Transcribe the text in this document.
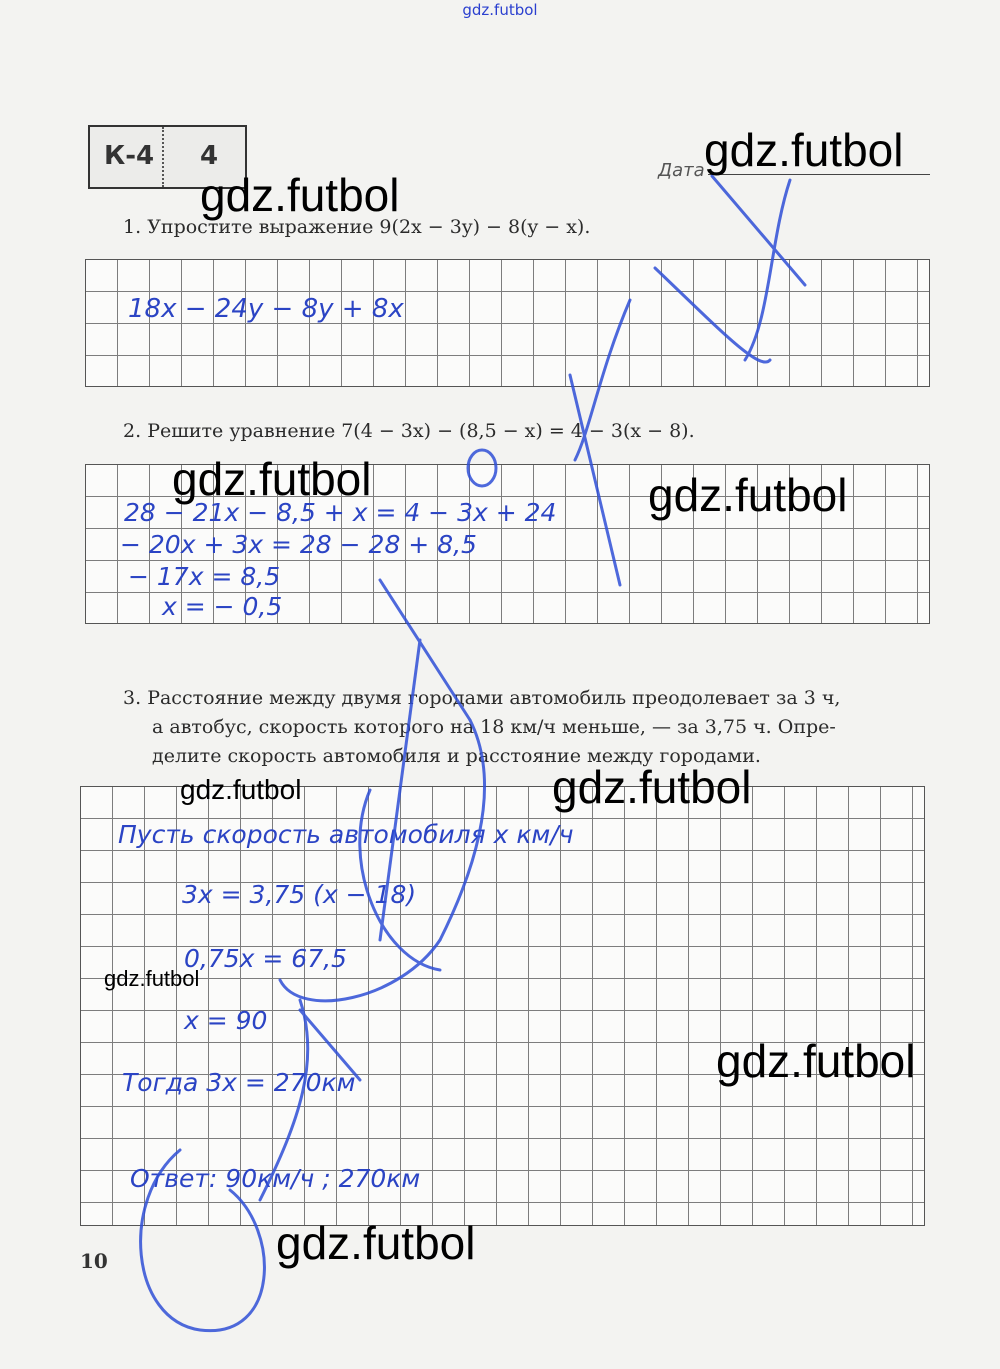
gdz.futbol
К-4 4	Дата
1. Упростите выражение 9(2x − 3y) − 8(y − x).
18x − 24y − 8y + 8x
2. Решите уравнение 7(4 − 3x) − (8,5 − x) = 4 − 3(x − 8).
28 − 21x − 8,5 + x = 4 − 3x + 24
− 20x + 3x = 28 − 28 + 8,5
− 17x = 8,5
x = − 0,5
3. Расстояние между двумя городами автомобиль преодолевает за 3 ч,
а автобус, скорость которого на 18 км/ч меньше, — за 3,75 ч. Опре-
делите скорость автомобиля и расстояние между городами.
Пусть скорость автомобиля x км/ч
3x = 3,75 (x − 18)
0,75x = 67,5
x = 90
Тогда 3x = 270км
Ответ: 90км/ч ; 270км
gdz.futbol
gdz.futbol
gdz.futbol	gdz.futbol
gdz.futbol	gdz.futbol
gdz.futbol
gdz.futbol
gdz.futbol
10
